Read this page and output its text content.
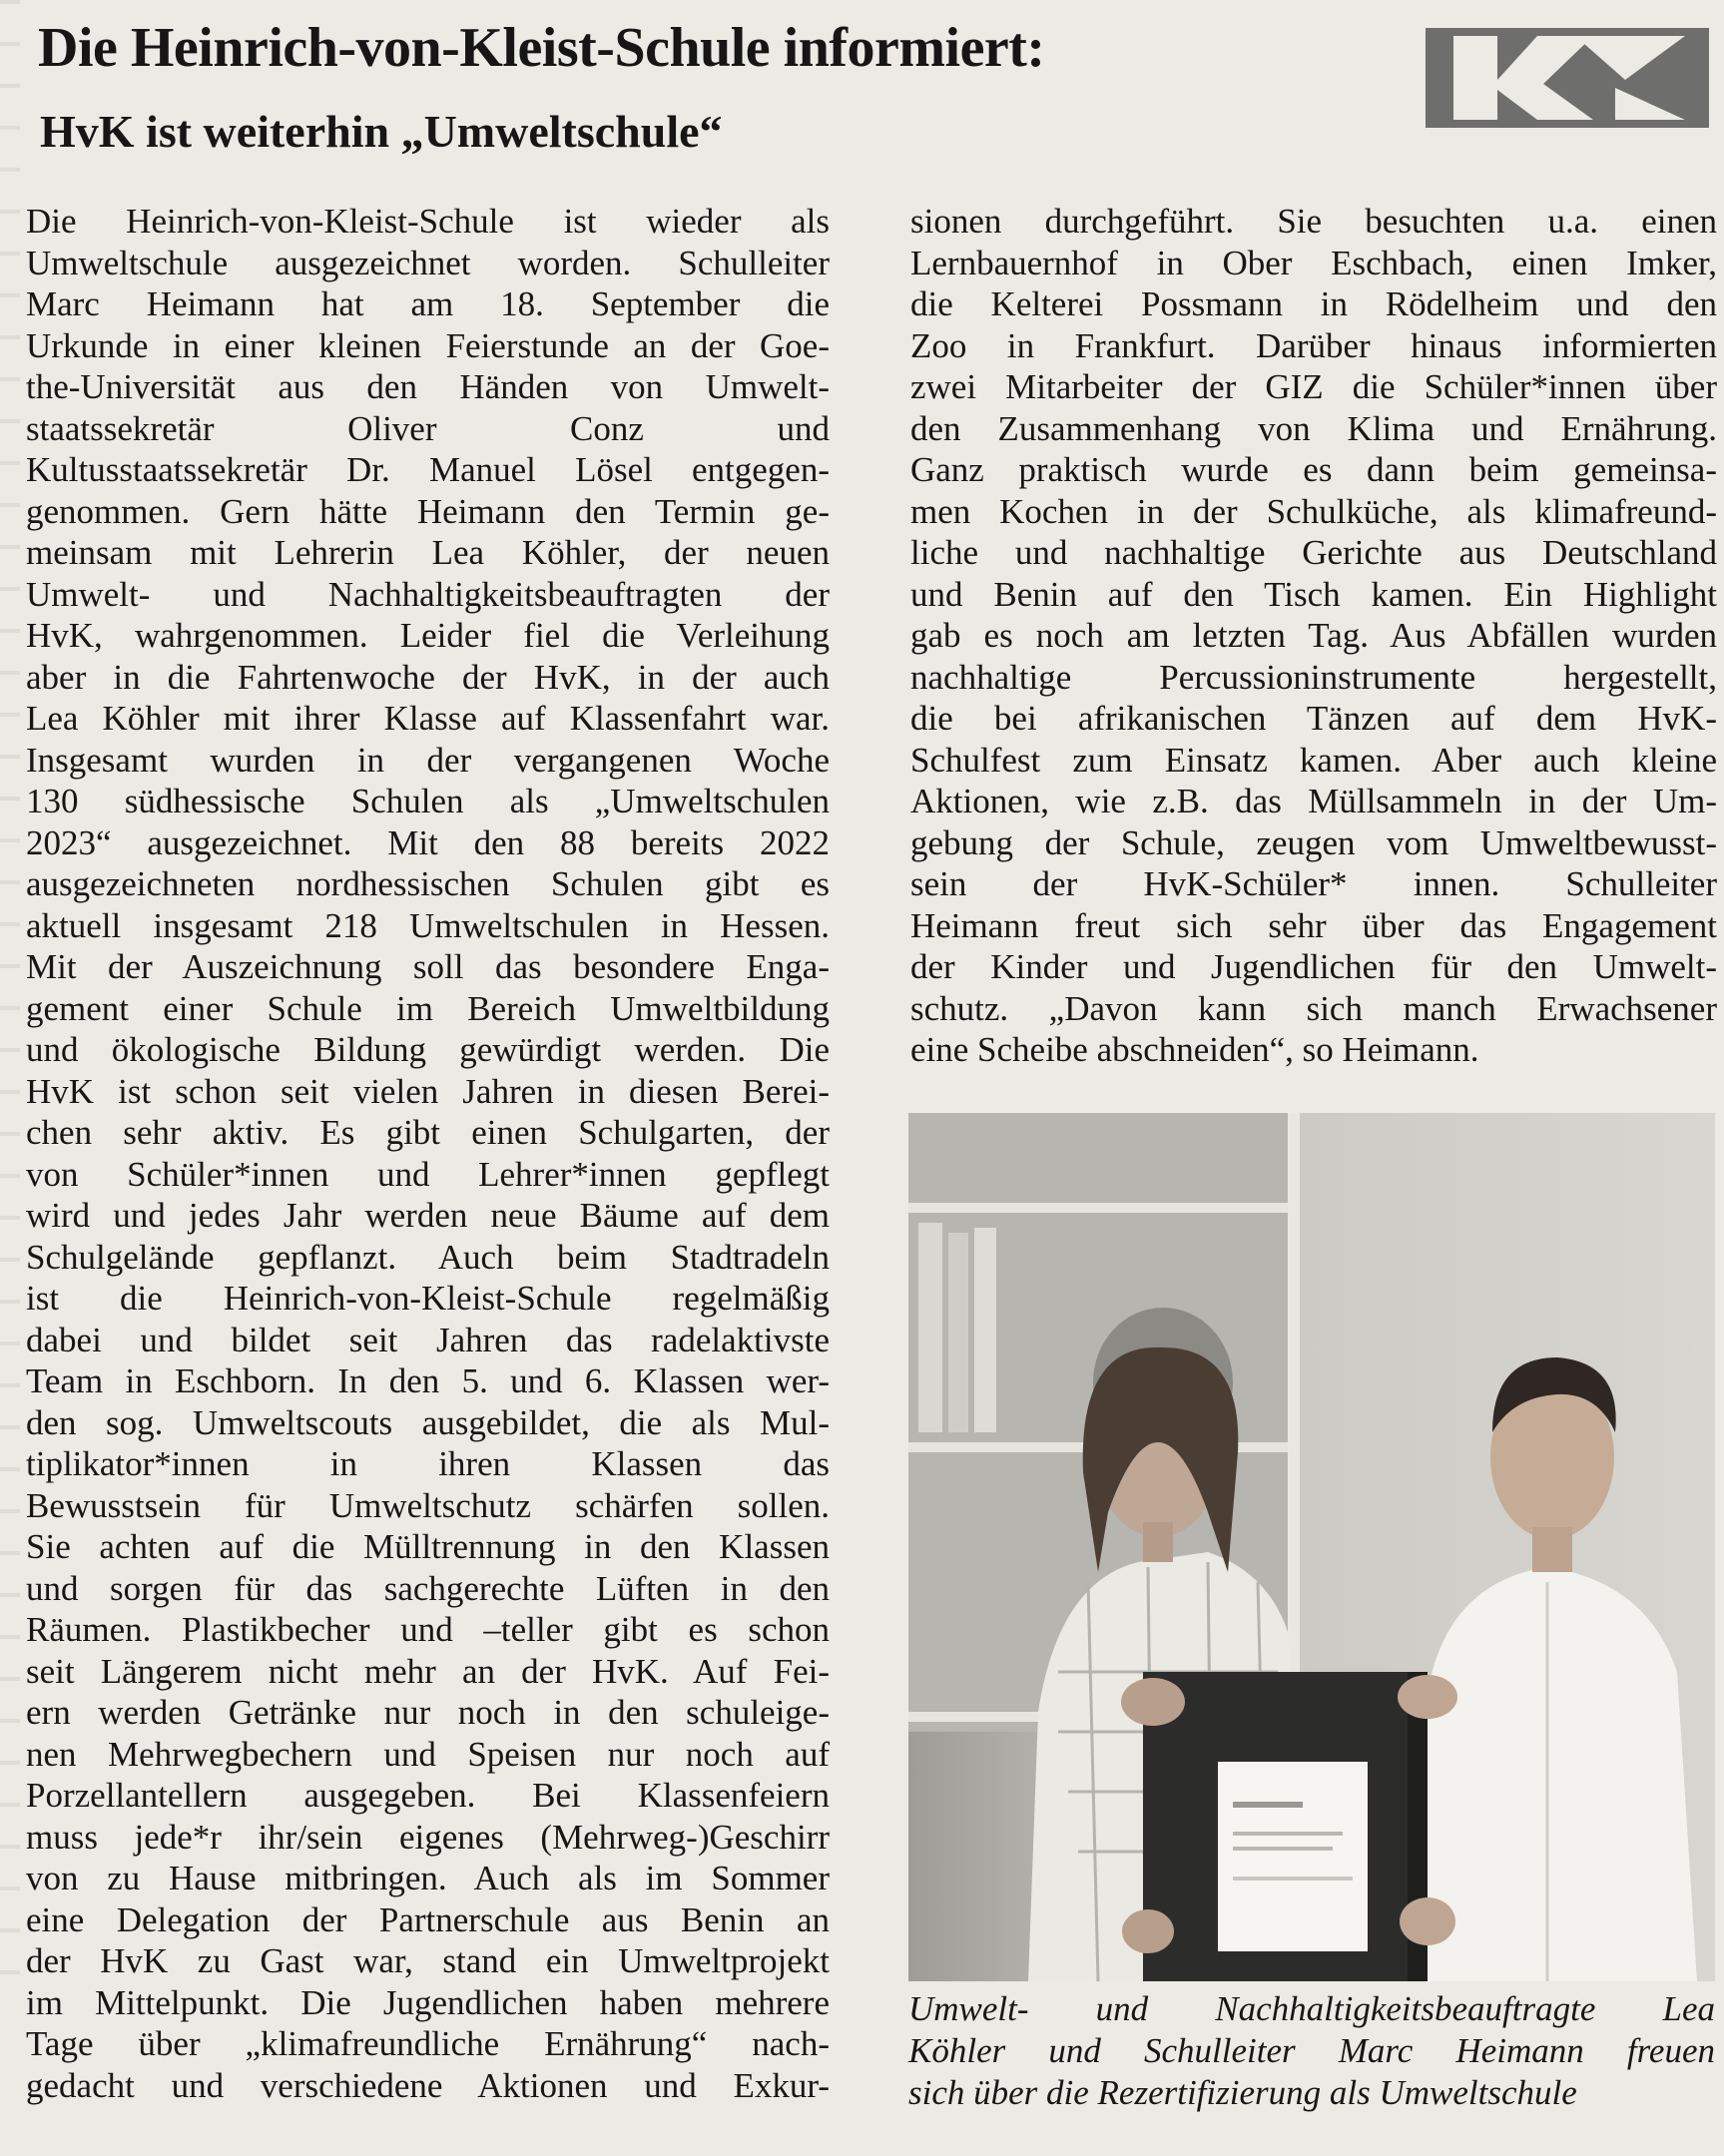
Die Heinrich-von-Kleist-Schule informiert:
HvK ist weiterhin „Umweltschule“
Die Heinrich-von-Kleist-Schule ist wieder als
Umweltschule ausgezeichnet worden. Schulleiter
Marc Heimann hat am 18. September die
Urkunde in einer kleinen Feierstunde an der Goe-
the-Universität aus den Händen von Umwelt-
staatssekretär Oliver Conz und
Kultusstaatssekretär Dr. Manuel Lösel entgegen-
genommen. Gern hätte Heimann den Termin ge-
meinsam mit Lehrerin Lea Köhler, der neuen
Umwelt- und Nachhaltigkeitsbeauftragten der
HvK, wahrgenommen. Leider fiel die Verleihung
aber in die Fahrtenwoche der HvK, in der auch
Lea Köhler mit ihrer Klasse auf Klassenfahrt war.
Insgesamt wurden in der vergangenen Woche
130 südhessische Schulen als „Umweltschulen
2023“ ausgezeichnet. Mit den 88 bereits 2022
ausgezeichneten nordhessischen Schulen gibt es
aktuell insgesamt 218 Umweltschulen in Hessen.
Mit der Auszeichnung soll das besondere Enga-
gement einer Schule im Bereich Umweltbildung
und ökologische Bildung gewürdigt werden. Die
HvK ist schon seit vielen Jahren in diesen Berei-
chen sehr aktiv. Es gibt einen Schulgarten, der
von Schüler*innen und Lehrer*innen gepflegt
wird und jedes Jahr werden neue Bäume auf dem
Schulgelände gepflanzt. Auch beim Stadtradeln
ist die Heinrich-von-Kleist-Schule regelmäßig
dabei und bildet seit Jahren das radelaktivste
Team in Eschborn. In den 5. und 6. Klassen wer-
den sog. Umweltscouts ausgebildet, die als Mul-
tiplikator*innen in ihren Klassen das
Bewusstsein für Umweltschutz schärfen sollen.
Sie achten auf die Mülltrennung in den Klassen
und sorgen für das sachgerechte Lüften in den
Räumen. Plastikbecher und –teller gibt es schon
seit Längerem nicht mehr an der HvK. Auf Fei-
ern werden Getränke nur noch in den schuleige-
nen Mehrwegbechern und Speisen nur noch auf
Porzellantellern ausgegeben. Bei Klassenfeiern
muss jede*r ihr/sein eigenes (Mehrweg-)Geschirr
von zu Hause mitbringen. Auch als im Sommer
eine Delegation der Partnerschule aus Benin an
der HvK zu Gast war, stand ein Umweltprojekt
im Mittelpunkt. Die Jugendlichen haben mehrere
Tage über „klimafreundliche Ernährung“ nach-
gedacht und verschiedene Aktionen und Exkur-
sionen durchgeführt. Sie besuchten u.a. einen
Lernbauernhof in Ober Eschbach, einen Imker,
die Kelterei Possmann in Rödelheim und den
Zoo in Frankfurt. Darüber hinaus informierten
zwei Mitarbeiter der GIZ die Schüler*innen über
den Zusammenhang von Klima und Ernährung.
Ganz praktisch wurde es dann beim gemeinsa-
men Kochen in der Schulküche, als klimafreund-
liche und nachhaltige Gerichte aus Deutschland
und Benin auf den Tisch kamen. Ein Highlight
gab es noch am letzten Tag. Aus Abfällen wurden
nachhaltige Percussioninstrumente hergestellt,
die bei afrikanischen Tänzen auf dem HvK-
Schulfest zum Einsatz kamen. Aber auch kleine
Aktionen, wie z.B. das Müllsammeln in der Um-
gebung der Schule, zeugen vom Umweltbewusst-
sein der HvK-Schüler* innen. Schulleiter
Heimann freut sich sehr über das Engagement
der Kinder und Jugendlichen für den Umwelt-
schutz. „Davon kann sich manch Erwachsener
eine Scheibe abschneiden“, so Heimann.
Umwelt- und Nachhaltigkeitsbeauftragte Lea
Köhler und Schulleiter Marc Heimann freuen
sich über die Rezertifizierung als Umweltschule
